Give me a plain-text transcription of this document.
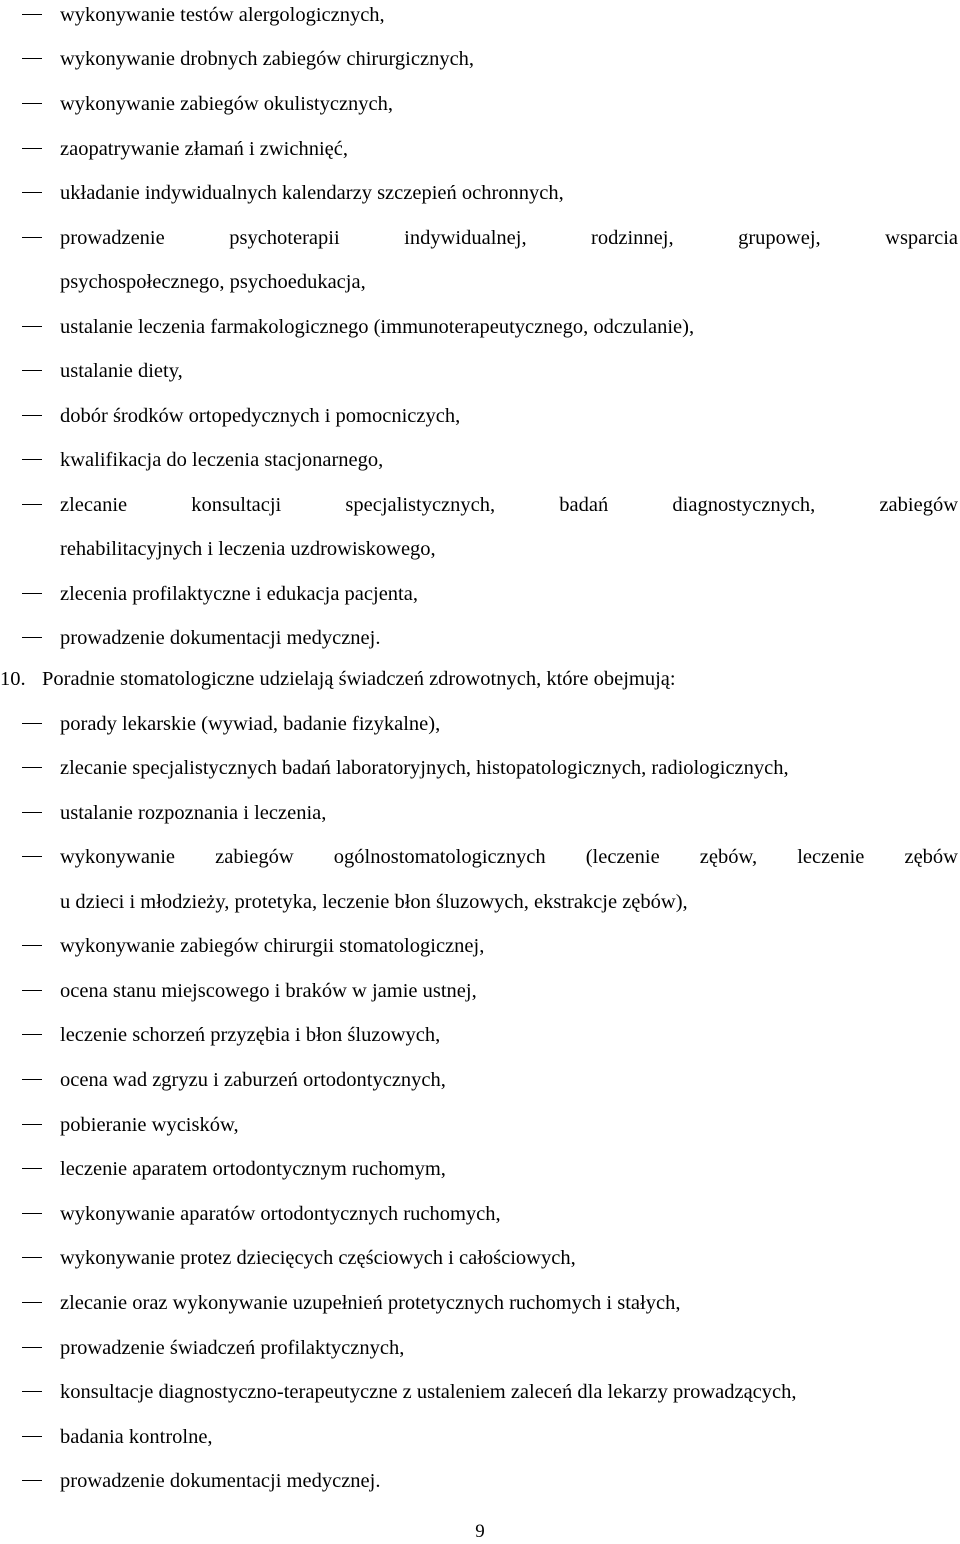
wykonywanie testów alergologicznych,
wykonywanie drobnych zabiegów chirurgicznych,
wykonywanie zabiegów okulistycznych,
zaopatrywanie złamań i zwichnięć,
układanie indywidualnych kalendarzy szczepień ochronnych,
prowadzenie psychoterapii indywidualnej, rodzinnej, grupowej, wsparcia
psychospołecznego, psychoedukacja,
ustalanie leczenia farmakologicznego (immunoterapeutycznego, odczulanie),
ustalanie diety,
dobór środków ortopedycznych i pomocniczych,
kwalifikacja do leczenia stacjonarnego,
zlecanie konsultacji specjalistycznych, badań diagnostycznych, zabiegów
rehabilitacyjnych i leczenia uzdrowiskowego,
zlecenia profilaktyczne i edukacja pacjenta,
prowadzenie dokumentacji medycznej.
10. Poradnie stomatologiczne udzielają świadczeń zdrowotnych, które obejmują:
porady lekarskie (wywiad, badanie fizykalne),
zlecanie specjalistycznych badań laboratoryjnych, histopatologicznych, radiologicznych,
ustalanie rozpoznania i leczenia,
wykonywanie zabiegów ogólnostomatologicznych (leczenie zębów, leczenie zębów
u dzieci i młodzieży, protetyka, leczenie błon śluzowych, ekstrakcje zębów),
wykonywanie zabiegów chirurgii stomatologicznej,
ocena stanu miejscowego i braków w jamie ustnej,
leczenie schorzeń przyzębia i błon śluzowych,
ocena wad zgryzu i zaburzeń ortodontycznych,
pobieranie wycisków,
leczenie aparatem ortodontycznym ruchomym,
wykonywanie aparatów ortodontycznych ruchomych,
wykonywanie protez dziecięcych częściowych i całościowych,
zlecanie oraz wykonywanie uzupełnień protetycznych ruchomych i stałych,
prowadzenie świadczeń profilaktycznych,
konsultacje diagnostyczno-terapeutyczne z ustaleniem zaleceń dla lekarzy prowadzących,
badania kontrolne,
prowadzenie dokumentacji medycznej.
9
